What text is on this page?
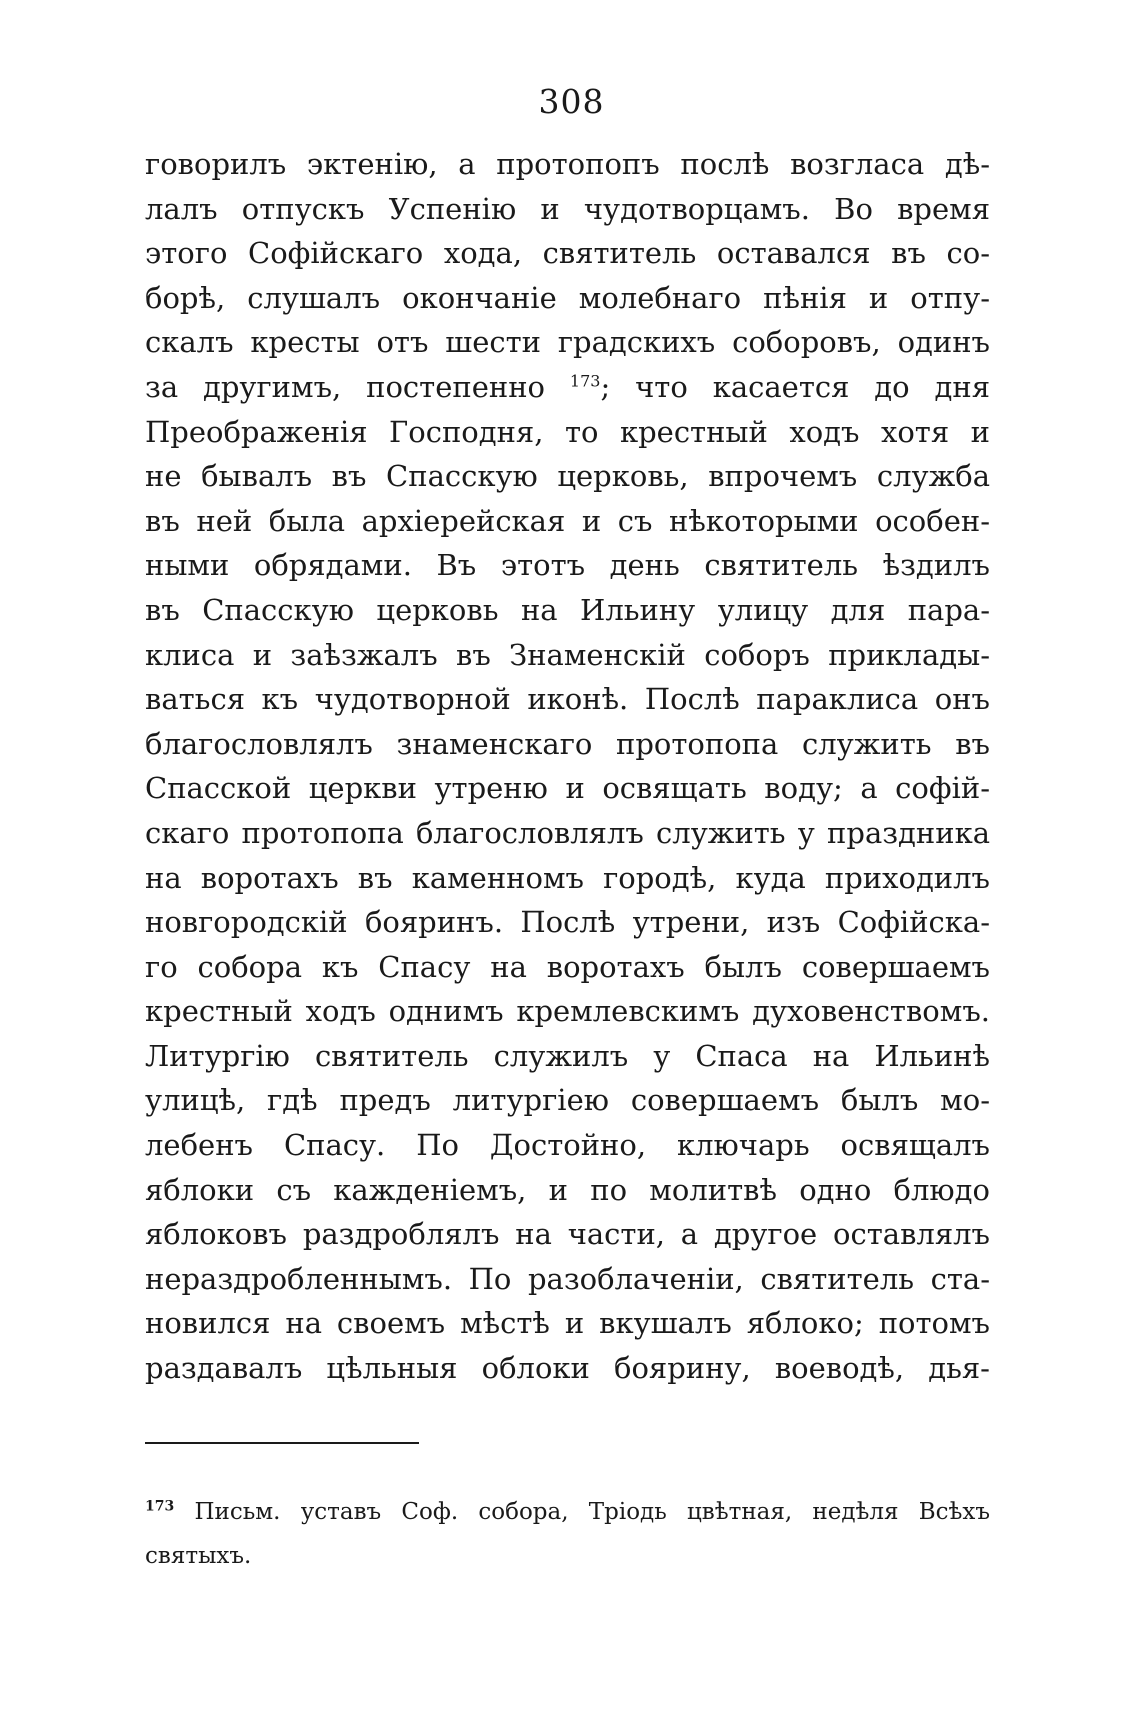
308
говорилъ эктенію, а протопопъ послѣ возгласа дѣ-
лалъ отпускъ Успенію и чудотворцамъ. Во время
этого Софійскаго хода, святитель оставался въ со-
борѣ, слушалъ окончаніе молебнаго пѣнія и отпу-
скалъ кресты отъ шести градскихъ соборовъ, одинъ
за другимъ, постепенно $^{173}$; что касается до дня
Преображенія Господня, то крестный ходъ хотя и
не бывалъ въ Спасскую церковь, впрочемъ служба
въ ней была архіерейская и съ нѣкоторыми особен-
ными обрядами. Въ этотъ день святитель ѣздилъ
въ Спасскую церковь на Ильину улицу для пара-
клиса и заѣзжалъ въ Знаменскій соборъ приклады-
ваться къ чудотворной иконѣ. Послѣ параклиса онъ
благословлялъ знаменскаго протопопа служить въ
Спасской церкви утреню и освящать воду; а софій-
скаго протопопа благословлялъ служить у праздника
на воротахъ въ каменномъ городѣ, куда приходилъ
новгородскій бояринъ. Послѣ утрени, изъ Софійска-
го собора къ Спасу на воротахъ былъ совершаемъ
крестный ходъ однимъ кремлевскимъ духовенствомъ.
Литургію святитель служилъ у Спаса на Ильинѣ
улицѣ, гдѣ предъ литургіею совершаемъ былъ мо-
лебенъ Спасу. По Достойно, ключарь освящалъ
яблоки съ кажденіемъ, и по молитвѣ одно блюдо
яблоковъ раздроблялъ на части, а другое оставлялъ
нераздробленнымъ. По разоблаченіи, святитель ста-
новился на своемъ мѣстѣ и вкушалъ яблоко; потомъ
раздавалъ цѣльныя облоки боярину, воеводѣ, дья-
$^{173}$ Письм. уставъ Соф. собора, Тріодь цвѣтная, недѣля Всѣхъ
святыхъ.
